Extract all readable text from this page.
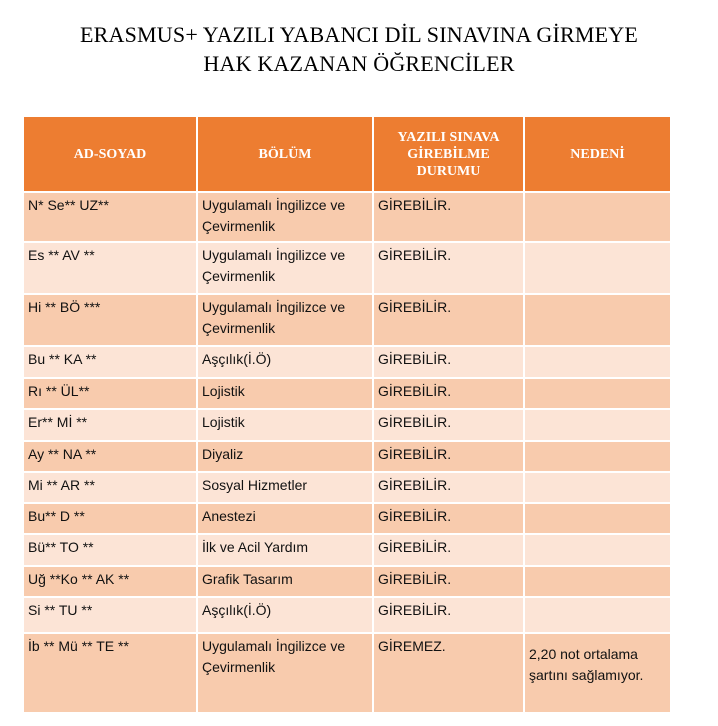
ERASMUS+ YAZILI YABANCI DİL SINAVINA GİRMEYE
HAK KAZANAN ÖĞRENCİLER
AD-SOYAD	BÖLÜM	YAZILI SINAVA GİREBİLME DURUMU	NEDENİ
N* Se** UZ**	Uygulamalı İngilizce ve Çevirmenlik	GİREBİLİR.	
Es ** AV **	Uygulamalı İngilizce ve Çevirmenlik	GİREBİLİR.	
Hi ** BÖ ***	Uygulamalı İngilizce ve Çevirmenlik	GİREBİLİR.	
Bu ** KA **	Aşçılık(İ.Ö)	GİREBİLİR.	
Rı ** ÜL**	Lojistik	GİREBİLİR.	
Er** Mİ **	Lojistik	GİREBİLİR.	
Ay ** NA **	Diyaliz	GİREBİLİR.	
Mi ** AR **	Sosyal Hizmetler	GİREBİLİR.	
Bu** D **	Anestezi	GİREBİLİR.	
Bü** TO **	İlk ve Acil Yardım	GİREBİLİR.	
Uğ **Ko ** AK **	Grafik Tasarım	GİREBİLİR.	
Si ** TU **	Aşçılık(İ.Ö)	GİREBİLİR.	
İb ** Mü ** TE **	Uygulamalı İngilizce ve Çevirmenlik	GİREMEZ.	2,20 not ortalama şartını sağlamıyor.
